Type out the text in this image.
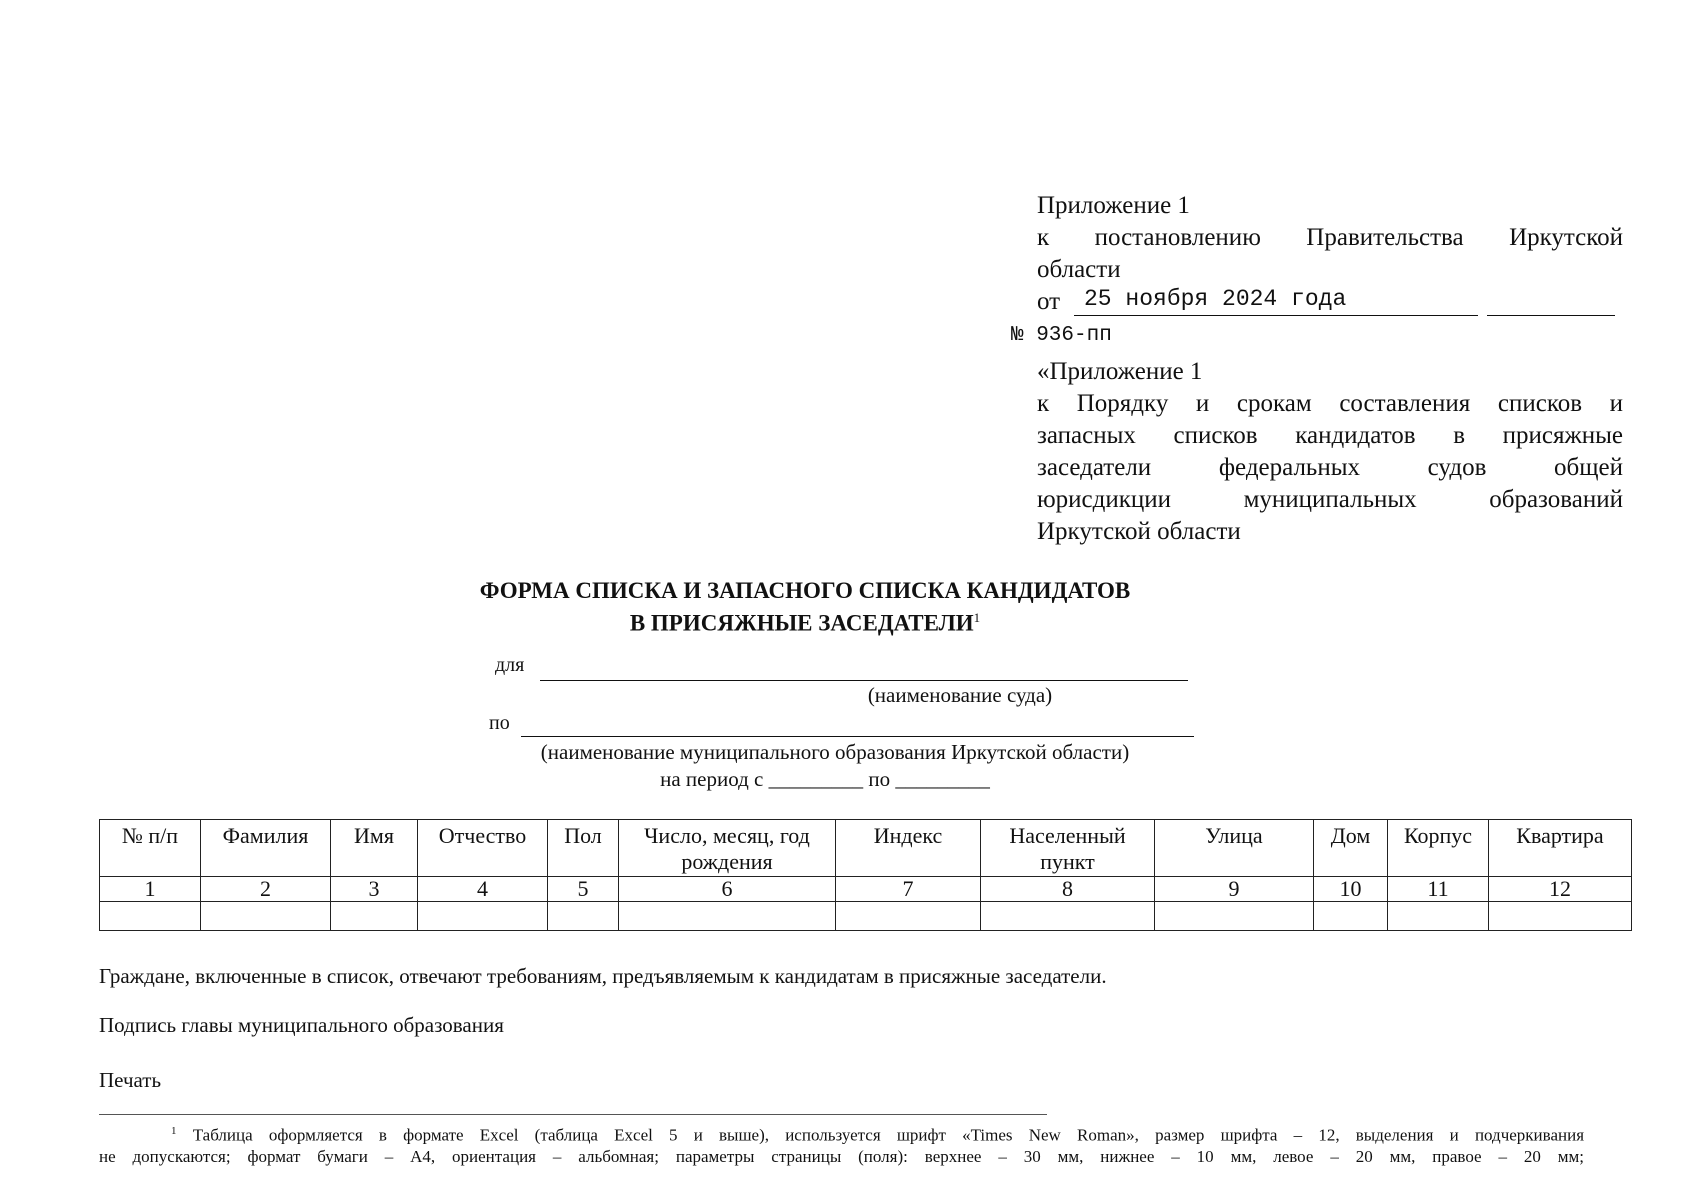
Приложение 1
к постановлению Правительства Иркутской
области
от 25 ноября 2024 года
№ 936-пп
«Приложение 1
к Порядку и срокам составления списков и
запасных списков кандидатов в присяжные
заседатели федеральных судов общей
юрисдикции муниципальных образований
Иркутской области
ФОРМА СПИСКА И ЗАПАСНОГО СПИСКА КАНДИДАТОВ
В ПРИСЯЖНЫЕ ЗАСЕДАТЕЛИ$^1$
для
(наименование суда)
по
(наименование муниципального образования Иркутской области)
на период с _________ по _________
№ п/п	Фамилия	Имя	Отчество	Пол	Число, месяц, год рождения	Индекс	Населенный пункт	Улица	Дом	Корпус	Квартира
1	2	3	4	5	6	7	8	9	10	11	12

Граждане, включенные в список, отвечают требованиям, предъявляемым к кандидатам в присяжные заседатели.
Подпись главы муниципального образования
Печать
$^1$ Таблица оформляется в формате Excel (таблица Excel 5 и выше), используется шрифт «Times New Roman», размер шрифта – 12, выделения и подчеркивания
не допускаются; формат бумаги – А4, ориентация – альбомная; параметры страницы (поля): верхнее – 30 мм, нижнее – 10 мм, левое – 20 мм, правое – 20 мм;
